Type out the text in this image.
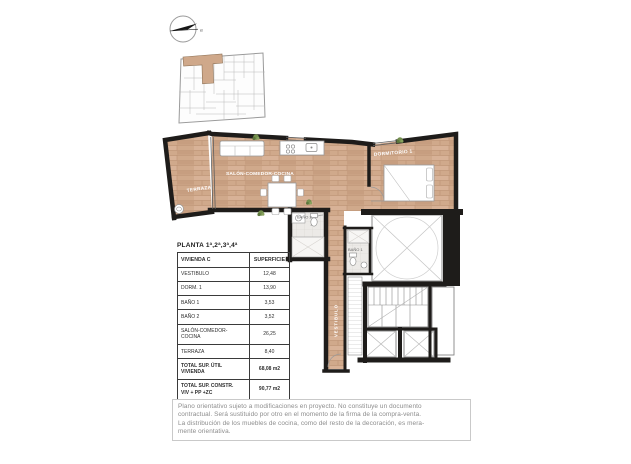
e
TERRAZA
SALÓN-COMEDOR-COCINA
DORMITORIO 1
BAÑO 2
BAÑO 1
VESTIBULO
PLANTA 1ª,2ª,3ª,4ª
VIVIENDA C	SUPERFICIE
VESTIBULO	12,48
DORM. 1	13,90
BAÑO 1	3,53
BAÑO 2	3,52
SALÓN-COMEDOR-COCINA	26,25
TERRAZA	8,40
TOTAL SUP. ÚTIL VIVIENDA	68,08 m2

TOTAL SUP. CONSTR.
VIV + PP +ZC	90,77 m2
Plano orientativo sujeto a modificaciones en proyecto. No constituye un documento
contractual. Será sustituido por otro en el momento de la firma de la compra-venta.
La distribución de los muebles de cocina, como del resto de la decoración, es mera-
mente orientativa.
